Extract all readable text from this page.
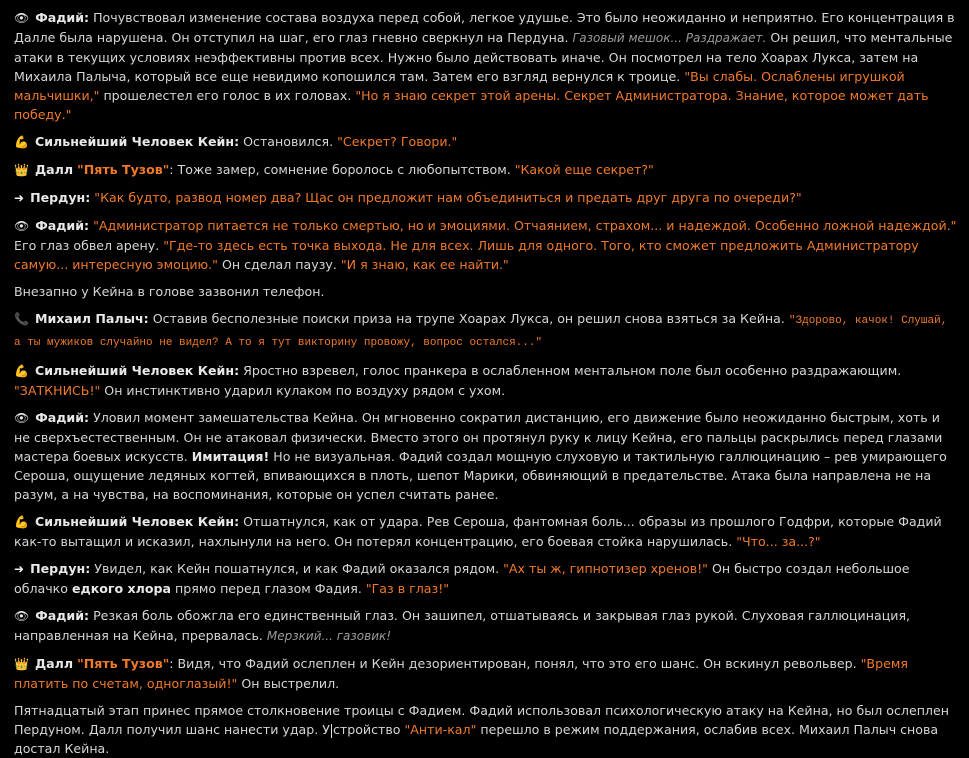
👁 Фадий: Почувствовал изменение состава воздуха перед собой, легкое удушье. Это было неожиданно и неприятно. Его концентрация в Далле была нарушена. Он отступил на шаг, его глаз гневно сверкнул на Пердуна. Газовый мешок... Раздражает. Он решил, что ментальные атаки в текущих условиях неэффективны против всех. Нужно было действовать иначе. Он посмотрел на тело Хоарах Лукса, затем на Михаила Палыча, который все еще невидимо копошился там. Затем его взгляд вернулся к троице. "Вы слабы. Ослаблены игрушкой мальчишки," прошелестел его голос в их головах. "Но я знаю секрет этой арены. Секрет Администратора. Знание, которое может дать победу."

💪 Сильнейший Человек Кейн: Остановился. "Секрет? Говори."

👑 Далл "Пять Тузов": Тоже замер, сомнение боролось с любопытством. "Какой еще секрет?"

➜ Пердун: "Как будто, развод номер два? Щас он предложит нам объединиться и предать друг друга по очереди?"

👁 Фадий: "Администратор питается не только смертью, но и эмоциями. Отчаянием, страхом... и надеждой. Особенно ложной надеждой." Его глаз обвел арену. "Где-то здесь есть точка выхода. Не для всех. Лишь для одного. Того, кто сможет предложить Администратору самую... интересную эмоцию." Он сделал паузу. "И я знаю, как ее найти."

Внезапно у Кейна в голове зазвонил телефон.

📞 Михаил Палыч: Оставив бесполезные поиски приза на трупе Хоарах Лукса, он решил снова взяться за Кейна. "Здорово, качок! Слушай, а ты мужиков случайно не видел? А то я тут викторину провожу, вопрос остался..."

💪 Сильнейший Человек Кейн: Яростно взревел, голос пранкера в ослабленном ментальном поле был особенно раздражающим. "ЗАТКНИСЬ!" Он инстинктивно ударил кулаком по воздуху рядом с ухом.

👁 Фадий: Уловил момент замешательства Кейна. Он мгновенно сократил дистанцию, его движение было неожиданно быстрым, хоть и не сверхъестественным. Он не атаковал физически. Вместо этого он протянул руку к лицу Кейна, его пальцы раскрылись перед глазами мастера боевых искусств. Имитация! Но не визуальная. Фадий создал мощную слуховую и тактильную галлюцинацию – рев умирающего Сероша, ощущение ледяных когтей, впивающихся в плоть, шепот Марики, обвиняющий в предательстве. Атака была направлена не на разум, а на чувства, на воспоминания, которые он успел считать ранее.

💪 Сильнейший Человек Кейн: Отшатнулся, как от удара. Рев Сероша, фантомная боль... образы из прошлого Годфри, которые Фадий как-то вытащил и исказил, нахлынули на него. Он потерял концентрацию, его боевая стойка нарушилась. "Что... за...?"

➜ Пердун: Увидел, как Кейн пошатнулся, и как Фадий оказался рядом. "Ах ты ж, гипнотизер хренов!" Он быстро создал небольшое облачко едкого хлора прямо перед глазом Фадия. "Газ в глаз!"

👁 Фадий: Резкая боль обожгла его единственный глаз. Он зашипел, отшатываясь и закрывая глаз рукой. Слуховая галлюцинация, направленная на Кейна, прервалась. Мерзкий... газовик!

👑 Далл "Пять Тузов": Видя, что Фадий ослеплен и Кейн дезориентирован, понял, что это его шанс. Он вскинул револьвер. "Время платить по счетам, одноглазый!" Он выстрелил.

Пятнадцатый этап принес прямое столкновение троицы с Фадием. Фадий использовал психологическую атаку на Кейна, но был ослеплен Пердуном. Далл получил шанс нанести удар. У стройство "Анти-кал" перешло в режим поддержания, ослабив всех. Михаил Палыч снова достал Кейна.
